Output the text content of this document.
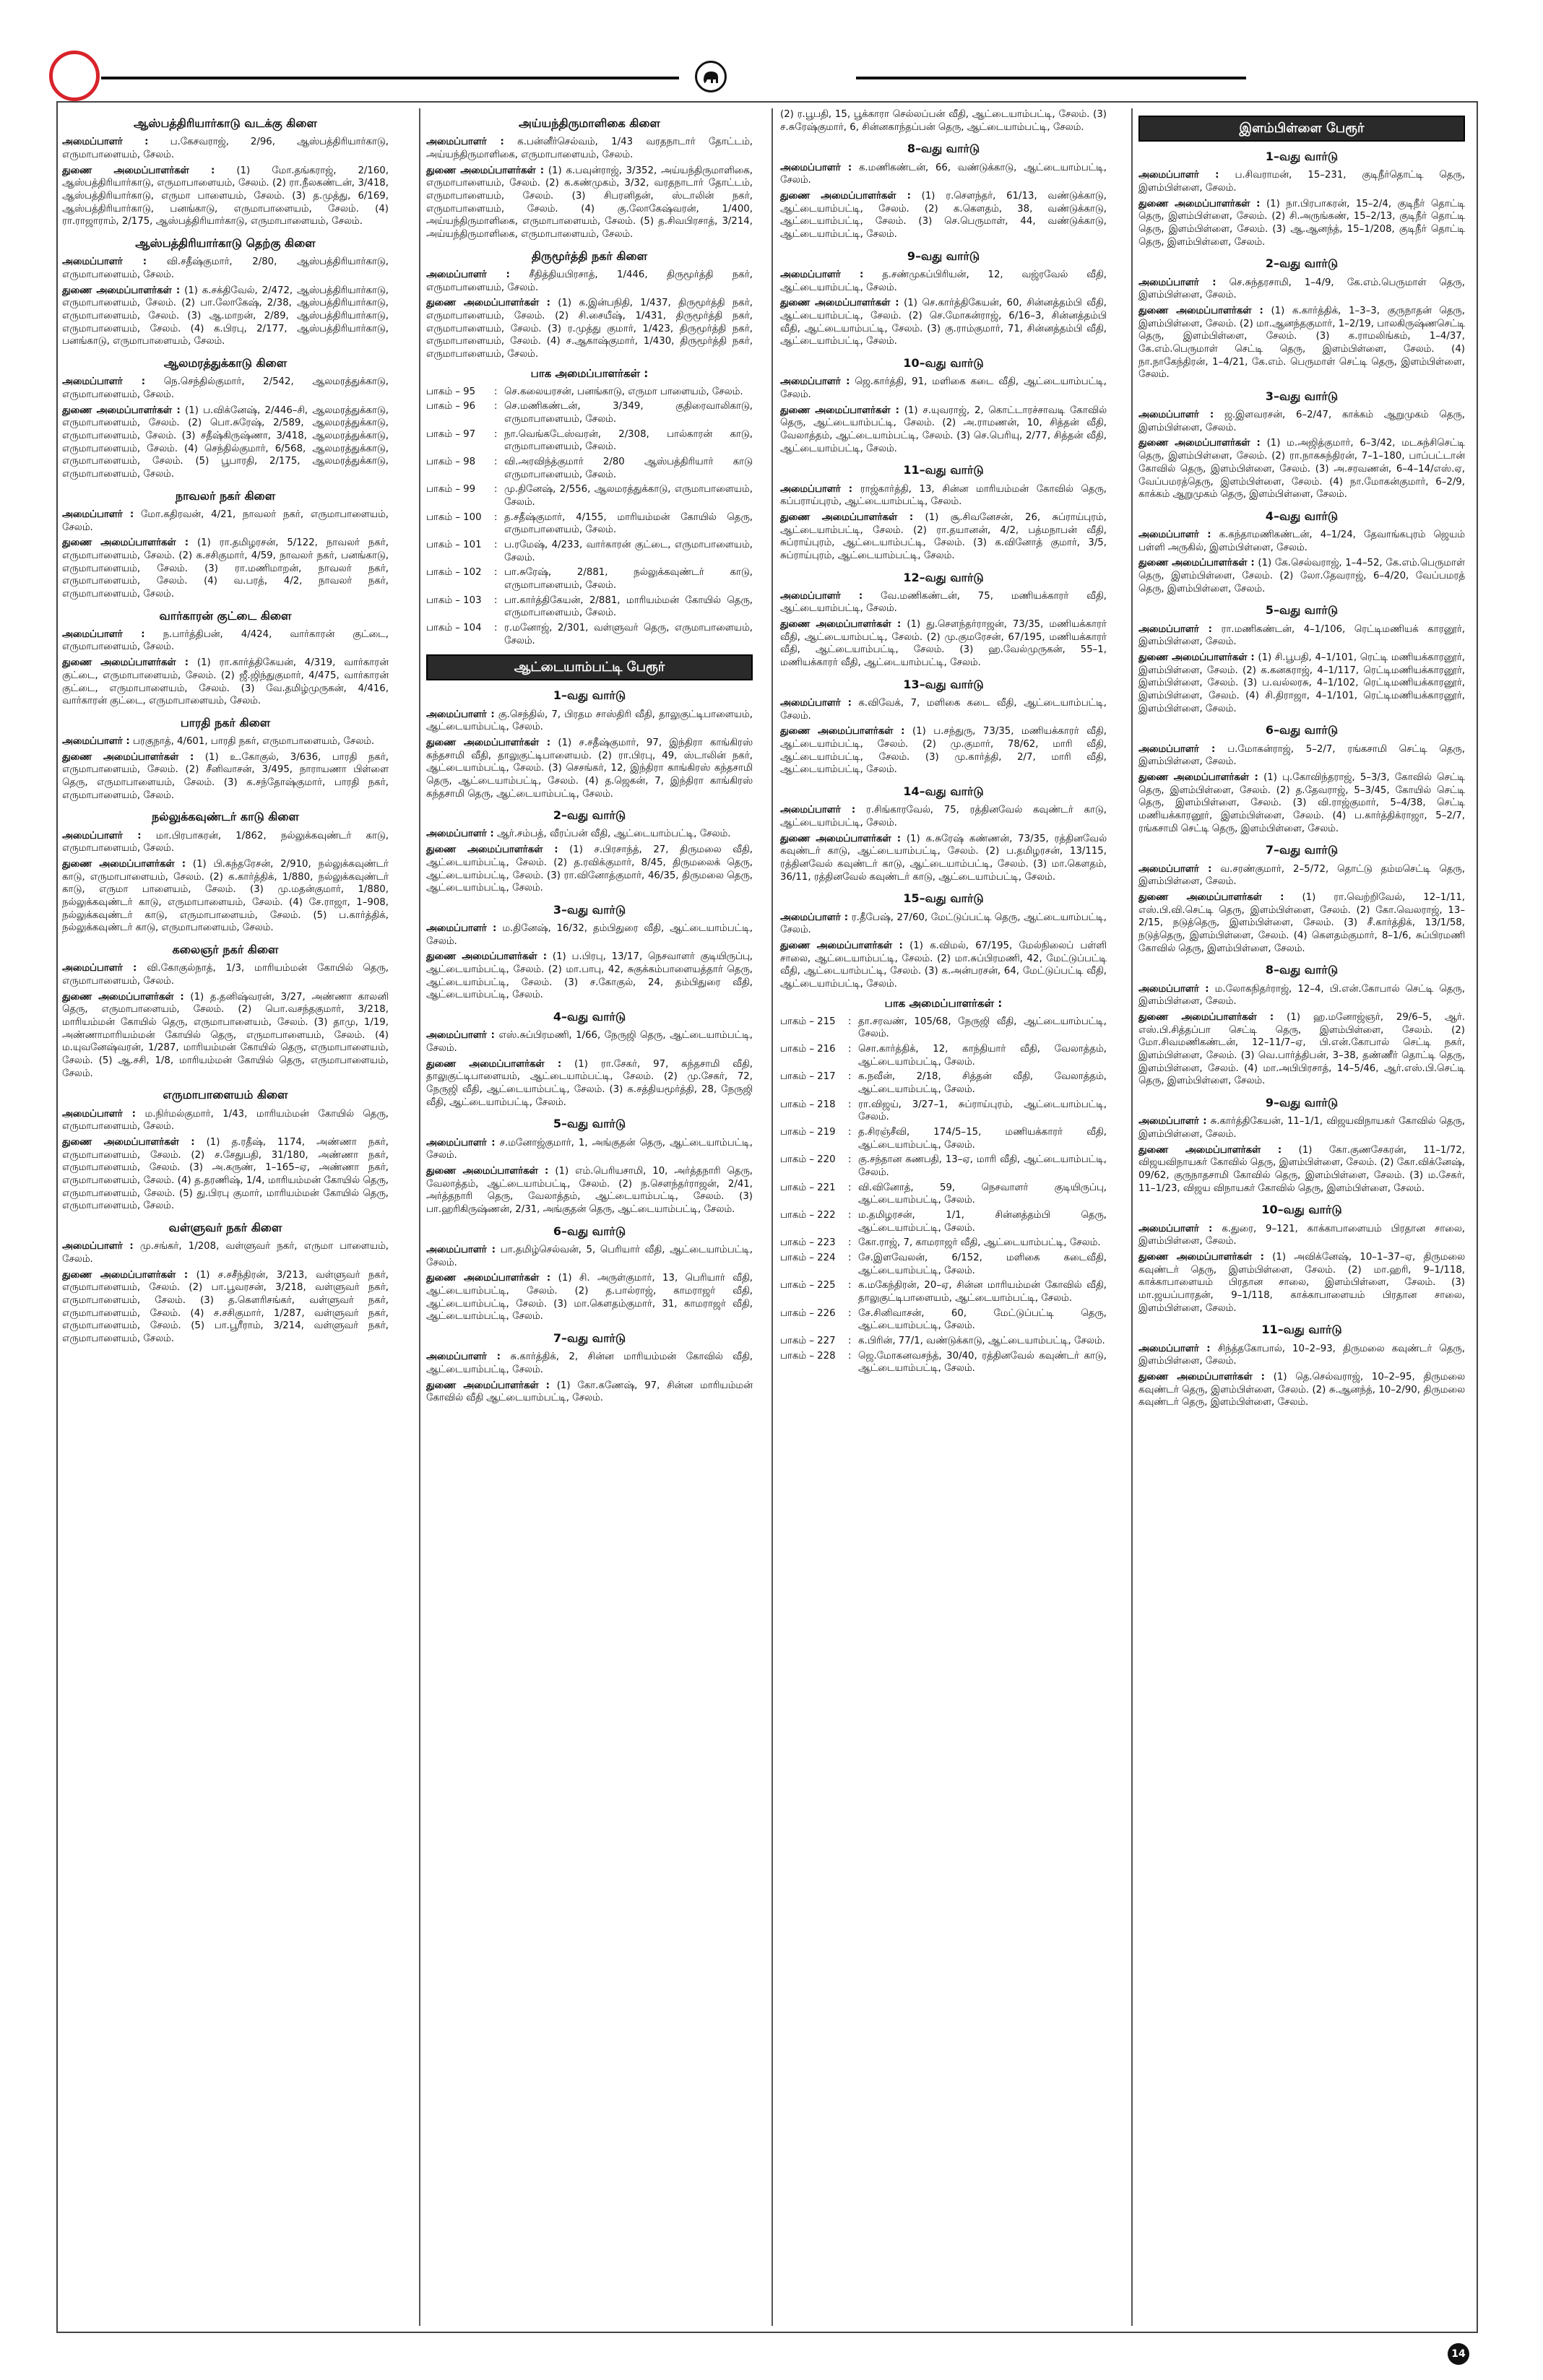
ஆஸ்பத்திரியார்காடு வடக்கு கிளை
அமைப்பாளர் : ப.கேசவராஜ், 2/96, ஆஸ்பத்திரியார்காடு, எருமாபாளையம், சேலம்.
துணை அமைப்பாளர்கள் : (1) மோ.தங்கராஜ், 2/160, ஆஸ்பத்திரியார்காடு, எருமாபாளையம், சேலம். (2) ரா.நீலகண்டன், 3/418, ஆஸ்பத்திரியார்காடு, எருமா பாளையம், சேலம். (3) த.முத்து, 6/169, ஆஸ்பத்திரியார்காடு, பனங்காடு, எருமாபாளையம், சேலம். (4) ரா.ராஜாராம், 2/175, ஆஸ்பத்திரியார்காடு, எருமாபாளையம், சேலம்.
ஆஸ்பத்திரியார்காடு தெற்கு கிளை
அமைப்பாளர் : வி.சதீஷ்குமார், 2/80, ஆஸ்பத்திரியார்காடு, எருமாபாளையம், சேலம்.
துணை அமைப்பாளர்கள் : (1) க.சக்திவேல், 2/472, ஆஸ்பத்திரியார்காடு, எருமாபாளையம், சேலம். (2) பா.லோகேஷ், 2/38, ஆஸ்பத்திரியார்காடு, எருமாபாளையம், சேலம். (3) ஆ.மாறன், 2/89, ஆஸ்பத்திரியார்காடு, எருமாபாளையம், சேலம். (4) க.பிரபு, 2/177, ஆஸ்பத்திரியார்காடு, பனங்காடு, எருமாபாளையம், சேலம்.
ஆலமரத்துக்காடு கிளை
அமைப்பாளர் : நெ.செந்தில்குமார், 2/542, ஆலமரத்துக்காடு, எருமாபாளையம், சேலம்.
துணை அமைப்பாளர்கள் : (1) ப.விக்னேஷ், 2/446–சி, ஆலமரத்துக்காடு, எருமாபாளையம், சேலம். (2) பொ.சுரேஷ், 2/589, ஆலமரத்துக்காடு, எருமாபாளையம், சேலம். (3) சதீஷ்கிருஷ்ணா, 3/418, ஆலமரத்துக்காடு, எருமாபாளையம், சேலம். (4) செந்தில்குமார், 6/568, ஆலமரத்துக்காடு, எருமாபாளையம், சேலம். (5) பூபாரதி, 2/175, ஆலமரத்துக்காடு, எருமாபாளையம், சேலம்.
நாவலர் நகர் கிளை
அமைப்பாளர் : மோ.கதிரவன், 4/21, நாவலர் நகர், எருமாபாளையம், சேலம்.
துணை அமைப்பாளர்கள் : (1) ரா.தமிழரசன், 5/122, நாவலர் நகர், எருமாபாளையம், சேலம். (2) க.சசிகுமார், 4/59, நாவலர் நகர், பனங்காடு, எருமாபாளையம், சேலம். (3) ரா.மணிமாறன், நாவலர் நகர், எருமாபாளையம், சேலம். (4) வ.பரத், 4/2, நாவலர் நகர், எருமாபாளையம், சேலம்.
வார்காரன் குட்டை கிளை
அமைப்பாளர் : ந.பார்த்திபன், 4/424, வார்காரன் குட்டை, எருமாபாளையம், சேலம்.
துணை அமைப்பாளர்கள் : (1) ரா.கார்த்திகேயன், 4/319, வார்காரன் குட்டை, எருமாபாளையம், சேலம். (2) ஜீ.ஜிந்துகுமார், 4/475, வார்காரன் குட்டை, எருமாபாளையம், சேலம். (3) வே.தமிழ்முருகன், 4/416, வார்காரன் குட்டை, எருமாபாளையம், சேலம்.
பாரதி நகர் கிளை
அமைப்பாளர் : பரகுநாத், 4/601, பாரதி நகர், எருமாபாளையம், சேலம்.
துணை அமைப்பாளர்கள் : (1) உ.கோகுல், 3/636, பாரதி நகர், எருமாபாளையம், சேலம். (2) சீனிவாசன், 3/495, நாராயணா பிள்ளை தெரு, எருமாபாளையம், சேலம். (3) க.சந்தோஷ்குமார், பாரதி நகர், எருமாபாளையம், சேலம்.
நல்லுக்கவுண்டர் காடு கிளை
அமைப்பாளர் : மா.பிரபாகரன், 1/862, நல்லுக்கவுண்டர் காடு, எருமாபாளையம், சேலம்.
துணை அமைப்பாளர்கள் : (1) பி.கந்தரேசன், 2/910, நல்லுக்கவுண்டர் காடு, எருமாபாளையம், சேலம். (2) க.கார்த்திக், 1/880, நல்லுக்கவுண்டர் காடு, எருமா பாளையம், சேலம். (3) மு.மதன்குமார், 1/880, நல்லுக்கவுண்டர் காடு, எருமாபாளையம், சேலம். (4) சே.ராஜா, 1–908, நல்லுக்கவுண்டர் காடு, எருமாபாளையம், சேலம். (5) ப.கார்த்திக், நல்லுக்கவுண்டர் காடு, எருமாபாளையம், சேலம்.
கலைஞர் நகர் கிளை
அமைப்பாளர் : வி.கோகுல்நாத், 1/3, மாரியம்மன் கோயில் தெரு, எருமாபாளையம், சேலம்.
துணை அமைப்பாளர்கள் : (1) த.தனிஷ்வரன், 3/27, அண்ணா காலனி தெரு, எருமாபாளையம், சேலம். (2) பொ.வசந்தகுமார், 3/218, மாரியம்மன் கோயில் தெரு, எருமாபாளையம், சேலம். (3) தாமு, 1/19, அண்ணாமாரியம்மன் கோயில் தெரு, எருமாபாளையம், சேலம். (4) ம.யுவனேஷ்வரன், 1/287, மாரியம்மன் கோயில் தெரு, எருமாபாளையம், சேலம். (5) ஆ.சசி, 1/8, மாரியம்மன் கோயில் தெரு, எருமாபாளையம், சேலம்.
எருமாபாளையம் கிளை
அமைப்பாளர் : ம.நிர்மல்குமார், 1/43, மாரியம்மன் கோயில் தெரு, எருமாபாளையம், சேலம்.
துணை அமைப்பாளர்கள் : (1) த.ரதீஷ், 1174, அண்ணா நகர், எருமாபாளையம், சேலம். (2) ச.சேதுபதி, 31/180, அண்ணா நகர், எருமாபாளையம், சேலம். (3) அ.கருண், 1–165–ஏ, அண்ணா நகர், எருமாபாளையம், சேலம். (4) த.தரணிஷ், 1/4, மாரியம்மன் கோயில் தெரு, எருமாபாளையம், சேலம். (5) து.பிரபு குமார், மாரியம்மன் கோயில் தெரு, எருமாபாளையம், சேலம்.
வள்ளுவர் நகர் கிளை
அமைப்பாளர் : மு.சங்கர், 1/208, வள்ளுவர் நகர், எருமா பாளையம், சேலம்.
துணை அமைப்பாளர்கள் : (1) ச.சசீந்திரன், 3/213, வள்ளுவர் நகர், எருமாபாளையம், சேலம். (2) பா.பூவரசன், 3/218, வள்ளுவர் நகர், எருமாபாளையம், சேலம். (3) த.கௌரிசங்கர், வள்ளுவர் நகர், எருமாபாளையம், சேலம். (4) ச.சசிகுமார், 1/287, வள்ளுவர் நகர், எருமாபாளையம், சேலம். (5) பா.பூரீராம், 3/214, வள்ளுவர் நகர், எருமாபாளையம், சேலம்.
அய்யந்திருமாளிகை கிளை
அமைப்பாளர் : க.பன்னீர்செல்வம், 1/43 வரதநாடார் தோட்டம், அய்யந்திருமாளிகை, எருமாபாளையம், சேலம்.
துணை அமைப்பாளர்கள் : (1) க.பவுன்ராஜ், 3/352, அய்யந்திருமாளிகை, எருமாபாளையம், சேலம். (2) க.கண்முகம், 3/32, வரதநாடார் தோட்டம், எருமாபாளையம், சேலம். (3) சிபரனிதன், ஸ்டாலின் நகர், எருமாபாளையம், சேலம். (4) கு.லோகேஷ்வரன், 1/400, அய்யந்திருமாளிகை, எருமாபாளையம், சேலம். (5) த.சிவபிரசாத், 3/214, அய்யந்திருமாளிகை, எருமாபாளையம், சேலம்.
திருமூர்த்தி நகர் கிளை
அமைப்பாளர் : சீதித்தியபிரசாத், 1/446, திருமூர்த்தி நகர், எருமாபாளையம், சேலம்.
துணை அமைப்பாளர்கள் : (1) க.இன்பநிதி, 1/437, திருமூர்த்தி நகர், எருமாபாளையம், சேலம். (2) சி.சையீஷ், 1/431, திருமூர்த்தி நகர், எருமாபாளையம், சேலம். (3) ர.முத்து குமார், 1/423, திருமூர்த்தி நகர், எருமாபாளையம், சேலம். (4) ச.ஆகாஷ்குமார், 1/430, திருமூர்த்தி நகர், எருமாபாளையம், சேலம்.
பாக அமைப்பாளர்கள் :
பாகம் – 95	: செ.கலையரசன், பனங்காடு, எருமா பாளையம், சேலம்.
பாகம் – 96	: செ.மணிகண்டன், 3/349, குதிரைவாலிகாடு, எருமாபாளையம், சேலம்.
பாகம் – 97	: நா.வெங்கடேஸ்வரன், 2/308, பால்காரன் காடு, எருமாபாளையம், சேலம்.
பாகம் – 98	: வி.அரவிந்த்குமார் 2/80 ஆஸ்பத்திரியார் காடு எருமாபாளையம், சேலம்.
பாகம் – 99	: மு.தினேஷ், 2/556, ஆலமரத்துக்காடு, எருமாபாளையம், சேலம்.
பாகம் – 100	: த.சதீஷ்குமார், 4/155, மாரியம்மன் கோயில் தெரு, எருமாபாளையம், சேலம்.
பாகம் – 101	: ப.ரமேஷ், 4/233, வார்காரன் குட்டை, எருமாபாளையம், சேலம்.
பாகம் – 102	: பா.சுரேஷ், 2/881, நல்லுக்கவுண்டர் காடு, எருமாபாளையம், சேலம்.
பாகம் – 103	: பா.கார்த்திகேயன், 2/881, மாரியம்மன் கோயில் தெரு, எருமாபாளையம், சேலம்.
பாகம் – 104	: ர.மனோஜ், 2/301, வள்ளுவர் தெரு, எருமாபாளையம், சேலம்.
ஆட்டையாம்பட்டி பேரூர்
1–வது வார்டு
அமைப்பாளர் : கு.செந்தில், 7, பிரதம சாஸ்திரி வீதி, தாலுகுட்டிபாளையம், ஆட்டையாம்பட்டி, சேலம்.
துணை அமைப்பாளர்கள் : (1) ச.சதீஷ்குமார், 97, இந்திரா காங்கிரஸ் கந்தசாமி வீதி, தாலுகுட்டிபாளையம். (2) ரா.பிரபு, 49, ஸ்டாலின் நகர், ஆட்டையாம்பட்டி, சேலம். (3) செசங்கர், 12, இந்திரா காங்கிரஸ் கந்தசாமி தெரு, ஆட்டையாம்பட்டி, சேலம். (4) த.ஜெகன், 7, இந்திரா காங்கிரஸ் கந்தசாமி தெரு, ஆட்டையாம்பட்டி, சேலம்.
2–வது வார்டு
அமைப்பாளர் : ஆர்.சம்பத், வீரப்பன் வீதி, ஆட்டையாம்பட்டி, சேலம்.
துணை அமைப்பாளர்கள் : (1) ச.பிரசாந்த், 27, திருமலை வீதி, ஆட்டையாம்பட்டி, சேலம். (2) த.ரவிக்குமார், 8/45, திருமலைக் தெரு, ஆட்டையாம்பட்டி, சேலம். (3) ரா.வினோத்குமார், 46/35, திருமலை தெரு, ஆட்டையாம்பட்டி, சேலம்.
3–வது வார்டு
அமைப்பாளர் : ம.தினேஷ், 16/32, தம்பிதுரை வீதி, ஆட்டையாம்பட்டி, சேலம்.
துணை அமைப்பாளர்கள் : (1) ப.பிரபு, 13/17, நெசவாளர் குடியிருப்பு, ஆட்டையாம்பட்டி, சேலம். (2) மா.பாபு, 42, சுகுக்கம்பாளையத்தார் தெரு, ஆட்டையாம்பட்டி, சேலம். (3) ச.கோகுல், 24, தம்பிதுரை வீதி, ஆட்டையாம்பட்டி, சேலம்.
4–வது வார்டு
அமைப்பாளர் : எஸ்.சுப்பிரமணி, 1/66, நேருஜி தெரு, ஆட்டையாம்பட்டி, சேலம்.
துணை அமைப்பாளர்கள் : (1) ரா.சேகர், 97, கந்தசாமி வீதி, தாலுகுட்டிபாளையம், ஆட்டையாம்பட்டி, சேலம். (2) மு.சேகர், 72, நேருஜி வீதி, ஆட்டையாம்பட்டி, சேலம். (3) க.சத்தியமூர்த்தி, 28, நேருஜி வீதி, ஆட்டையாம்பட்டி, சேலம்.
5–வது வார்டு
அமைப்பாளர் : ச.மனோஜ்குமார், 1, அங்குதன் தெரு, ஆட்டையாம்பட்டி, சேலம்.
துணை அமைப்பாளர்கள் : (1) எம்.பெரியசாமி, 10, அர்த்தநாரி தெரு, வேலாத்தம், ஆட்டையாம்பட்டி, சேலம். (2) ந.செளந்தர்ராஜன், 2/41, அர்த்தநாரி தெரு, வேலாத்தம், ஆட்டையாம்பட்டி, சேலம். (3) பா.ஹரிகிருஷ்ணன், 2/31, அங்குதன் தெரு, ஆட்டையாம்பட்டி, சேலம்.
6–வது வார்டு
அமைப்பாளர் : பா.தமிழ்செல்வன், 5, பெரியார் வீதி, ஆட்டையாம்பட்டி, சேலம்.
துணை அமைப்பாளர்கள் : (1) சி. அருள்குமார், 13, பெரியார் வீதி, ஆட்டையாம்பட்டி, சேலம். (2) த.பால்ராஜ், காமராஜர் வீதி, ஆட்டையாம்பட்டி, சேலம். (3) மா.கௌதம்குமார், 31, காமராஜர் வீதி, ஆட்டையாம்பட்டி, சேலம்.
7–வது வார்டு
அமைப்பாளர் : சு.கார்த்திக், 2, சின்ன மாரியம்மன் கோவில் வீதி, ஆட்டையாம்பட்டி, சேலம்.
துணை அமைப்பாளர்கள் : (1) கோ.கணேஷ், 97, சின்ன மாரியம்மன் கோவில் வீதி ஆட்டையாம்பட்டி, சேலம்.
(2) ர.பூபதி, 15, பூக்காரா செல்லப்பன் வீதி, ஆட்டையாம்பட்டி, சேலம். (3) ச.சுரேஷ்குமார், 6, சின்னகாந்தப்பன் தெரு, ஆட்டையாம்பட்டி, சேலம்.
8–வது வார்டு
அமைப்பாளர் : க.மணிகண்டன், 66, வண்டுக்காடு, ஆட்டையாம்பட்டி, சேலம்.
துணை அமைப்பாளர்கள் : (1) ர.செளந்தர், 61/13, வண்டுக்காடு, ஆட்டையாம்பட்டி, சேலம். (2) க.கௌதம், 38, வண்டுக்காடு, ஆட்டையாம்பட்டி, சேலம். (3) செ.பெருமாள், 44, வண்டுக்காடு, ஆட்டையாம்பட்டி, சேலம்.
9–வது வார்டு
அமைப்பாளர் : த.சண்முகப்பிரியன், 12, வஜ்ரவேல் வீதி, ஆட்டையாம்பட்டி, சேலம்.
துணை அமைப்பாளர்கள் : (1) செ.கார்த்திகேயன், 60, சின்னத்தம்பி வீதி, ஆட்டையாம்பட்டி, சேலம். (2) செ.மோகன்ராஜ், 6/16–3, சின்னத்தம்பி வீதி, ஆட்டையாம்பட்டி, சேலம். (3) கு.ராம்குமார், 71, சின்னத்தம்பி வீதி, ஆட்டையாம்பட்டி, சேலம்.
10–வது வார்டு
அமைப்பாளர் : ஜெ.கார்த்தி, 91, மளிகை கடை வீதி, ஆட்டையாம்பட்டி, சேலம்.
துணை அமைப்பாளர்கள் : (1) ச.யுவராஜ், 2, கொட்டாரச்சாவடி கோவில் தெரு, ஆட்டையாம்பட்டி, சேலம். (2) அ.ராமணன், 10, சித்தன் வீதி, வேலாத்தம், ஆட்டையாம்பட்டி, சேலம். (3) செ.பெரியு, 2/77, சித்தன் வீதி, ஆட்டையாம்பட்டி, சேலம்.
11–வது வார்டு
அமைப்பாளர் : ராஜ்கார்த்தி, 13, சின்ன மாரியம்மன் கோவில் தெரு, கப்பராய்புரம், ஆட்டையாம்பட்டி, சேலம்.
துணை அமைப்பாளர்கள் : (1) சூ.சிவனேசன், 26, சுப்ராய்புரம், ஆட்டையாம்பட்டி, சேலம். (2) ரா.தயானன், 4/2, பத்மநாபன் வீதி, சுப்ராய்புரம், ஆட்டையாம்பட்டி, சேலம். (3) க.வினோத் குமார், 3/5, சுப்ராய்புரம், ஆட்டையாம்பட்டி, சேலம்.
12–வது வார்டு
அமைப்பாளர் : வே.மணிகண்டன், 75, மணியக்காரர் வீதி, ஆட்டையாம்பட்டி, சேலம்.
துணை அமைப்பாளர்கள் : (1) து.சௌந்தர்ராஜன், 73/35, மணியக்காரர் வீதி, ஆட்டையாம்பட்டி, சேலம். (2) மு.குமரேசன், 67/195, மணியக்காரர் வீதி, ஆட்டையாம்பட்டி, சேலம். (3) ஹ.வேல்முருகன், 55–1, மணியக்காரர் வீதி, ஆட்டையாம்பட்டி, சேலம்.
13–வது வார்டு
அமைப்பாளர் : க.விவேக், 7, மளிகை கடை வீதி, ஆட்டையாம்பட்டி, சேலம்.
துணை அமைப்பாளர்கள் : (1) ப.சந்துரு, 73/35, மணியக்காரர் வீதி, ஆட்டையாம்பட்டி, சேலம். (2) மு.குமார், 78/62, மாரி வீதி, ஆட்டையாம்பட்டி, சேலம். (3) மு.கார்த்தி, 2/7, மாரி வீதி, ஆட்டையாம்பட்டி, சேலம்.
14–வது வார்டு
அமைப்பாளர் : ர.சிங்காரவேல், 75, ரத்தினவேல் கவுண்டர் காடு, ஆட்டையாம்பட்டி, சேலம்.
துணை அமைப்பாளர்கள் : (1) க.சுரேஷ் கண்ணன், 73/35, ரத்தினவேல் கவுண்டர் காடு, ஆட்டையாம்பட்டி, சேலம். (2) ப.தமிழரசன், 13/115, ரத்தினவேல் கவுண்டர் காடு, ஆட்டையாம்பட்டி, சேலம். (3) மா.கௌதம், 36/11, ரத்தினவேல் கவுண்டர் காடு, ஆட்டையாம்பட்டி, சேலம்.
15–வது வார்டு
அமைப்பாளர் : ர.தீபேஷ், 27/60, மேட்டுப்பட்டி தெரு, ஆட்டையாம்பட்டி, சேலம்.
துணை அமைப்பாளர்கள் : (1) க.விமல், 67/195, மேல்நிலைப் பள்ளி சாலை, ஆட்டையாம்பட்டி, சேலம். (2) மா.சுப்பிரமணி, 42, மேட்டுப்பட்டி வீதி, ஆட்டையாம்பட்டி, சேலம். (3) க.அன்பரசன், 64, மேட்டுப்பட்டி வீதி, ஆட்டையாம்பட்டி, சேலம்.
பாக அமைப்பாளர்கள் :
பாகம் – 215	: தா.சரவண், 105/68, நேருஜி வீதி, ஆட்டையாம்பட்டி, சேலம்.
பாகம் – 216	: சொ.கார்த்திக், 12, காந்தியார் வீதி, வேலாத்தம், ஆட்டையாம்பட்டி, சேலம்.
பாகம் – 217	: க.நவீன், 2/18, சித்தன் வீதி, வேலாத்தம், ஆட்டையாம்பட்டி, சேலம்.
பாகம் – 218	: ரா.விஜய், 3/27–1, சுப்ராய்புரம், ஆட்டையாம்பட்டி, சேலம்.
பாகம் – 219	: த.சிரஞ்சீவி, 174/5–15, மணியக்காரர் வீதி, ஆட்டையாம்பட்டி, சேலம்.
பாகம் – 220	: கு.சந்தான கணபதி, 13–ஏ, மாரி வீதி, ஆட்டையாம்பட்டி, சேலம்.
பாகம் – 221	: வி.வினோத், 59, நெசவாளர் குடியிருப்பு, ஆட்டையாம்பட்டி, சேலம்.
பாகம் – 222	: ம.தமிழரசன், 1/1, சின்னத்தம்பி தெரு, ஆட்டையாம்பட்டி, சேலம்.
பாகம் – 223	: கோ.ராஜ், 7, காமராஜர் வீதி, ஆட்டையாம்பட்டி, சேலம்.
பாகம் – 224	: சே.இளவேலன், 6/152, மளிகை கடைவீதி, ஆட்டையாம்பட்டி, சேலம்.
பாகம் – 225	: க.மகேந்திரன், 20–ஏ, சின்ன மாரியம்மன் கோவில் வீதி, தாலுகுட்டிபாளையம், ஆட்டையாம்பட்டி, சேலம்.
பாகம் – 226	: சே.சினிவாசன், 60, மேட்டுப்பட்டி தெரு, ஆட்டையாம்பட்டி, சேலம்.
பாகம் – 227	: க.பிரின், 77/1, வண்டுக்காடு, ஆட்டையாம்பட்டி, சேலம்.
பாகம் – 228	: ஜெ.மோகனவசந்த், 30/40, ரத்தினவேல் கவுண்டர் காடு, ஆட்டையாம்பட்டி, சேலம்.
இளம்பிள்ளை பேரூர்
1–வது வார்டு
அமைப்பாளர் : ப.சிவராமன், 15–231, குடிநீர்தொட்டி தெரு, இளம்பிள்ளை, சேலம்.
துணை அமைப்பாளர்கள் : (1) நா.பிரபாகரன், 15–2/4, குடிநீர் தொட்டி தெரு, இளம்பிள்ளை, சேலம். (2) சி.அருங்கண், 15–2/13, குடிநீர் தொட்டி தெரு, இளம்பிள்ளை, சேலம். (3) ஆ.ஆனந்த், 15–1/208, குடிநீர் தொட்டி தெரு, இளம்பிள்ளை, சேலம்.
2–வது வார்டு
அமைப்பாளர் : செ.சுந்தரசாமி, 1–4/9, கே.எம்.பெருமாள் தெரு, இளம்பிள்ளை, சேலம்.
துணை அமைப்பாளர்கள் : (1) க.கார்த்திக், 1–3–3, குருநாதன் தெரு, இளம்பிள்ளை, சேலம். (2) மா.ஆனந்தகுமார், 1–2/19, பாலகிருஷ்ணசெட்டி தெரு, இளம்பிள்ளை, சேலம். (3) க.ராமலிங்கம், 1–4/37, கே.எம்.பெருமாள் செட்டி தெரு, இளம்பிள்ளை, சேலம். (4) நா.நாகேந்திரன், 1–4/21, கே.எம். பெருமாள் செட்டி தெரு, இளம்பிள்ளை, சேலம்.
3–வது வார்டு
அமைப்பாளர் : ஜ.இளவரசன், 6–2/47, காக்கம் ஆறுமுகம் தெரு, இளம்பிள்ளை, சேலம்.
துணை அமைப்பாளர்கள் : (1) ம.அஜித்குமார், 6–3/42, மடசுந்சிசெட்டி தெரு, இளம்பிள்ளை, சேலம். (2) ரா.நாகசுந்திரன், 7–1–180, பாப்பட்டான் கோவில் தெரு, இளம்பிள்ளை, சேலம். (3) அ.சரவணன், 6–4–14/எஸ்.ஏ, வேப்பமரத்தெரு, இளம்பிள்ளை, சேலம். (4) நா.மோகன்குமார், 6–2/9, காக்கம் ஆறுமுகம் தெரு, இளம்பிள்ளை, சேலம்.
4–வது வார்டு
அமைப்பாளர் : க.கந்தாமணிகண்டன், 4–1/24, தேவாங்கபுரம் ஜெயம் பள்ளி அருகில், இளம்பிள்ளை, சேலம்.
துணை அமைப்பாளர்கள் : (1) கே.செல்வராஜ், 1–4–52, கே.எம்.பெருமாள் தெரு, இளம்பிள்ளை, சேலம். (2) லோ.தேவராஜ், 6–4/20, வேப்பமரத் தெரு, இளம்பிள்ளை, சேலம்.
5–வது வார்டு
அமைப்பாளர் : ரா.மணிகண்டன், 4–1/106, ரெட்டிமணியக் காரனூர், இளம்பிள்ளை, சேலம்.
துணை அமைப்பாளர்கள் : (1) சி.பூபதி, 4–1/101, ரெட்டி மணியக்காரனூர், இளம்பிள்ளை, சேலம். (2) க.கனகராஜ், 4–1/117, ரெட்டிமணியக்காரனூர், இளம்பிள்ளை, சேலம். (3) ப.வல்லரசு, 4–1/102, ரெட்டிமணியக்காரனூர், இளம்பிள்ளை, சேலம். (4) சி.திராஜா, 4–1/101, ரெட்டிமணியக்காரனூர், இளம்பிள்ளை, சேலம்.
6–வது வார்டு
அமைப்பாளர் : ப.மோகன்ராஜ், 5–2/7, ரங்கசாமி செட்டி தெரு, இளம்பிள்ளை, சேலம்.
துணை அமைப்பாளர்கள் : (1) பு.கோவிந்தராஜ், 5–3/3, கோவில் செட்டி தெரு, இளம்பிள்ளை, சேலம். (2) த.தேவராஜ், 5–3/45, கோயில் செட்டி தெரு, இளம்பிள்ளை, சேலம். (3) வி.ராஜ்குமார், 5–4/38, செட்டி மணியக்காரனூர், இளம்பிள்ளை, சேலம். (4) ப.கார்த்திக்ராஜா, 5–2/7, ரங்கசாமி செட்டி தெரு, இளம்பிள்ளை, சேலம்.
7–வது வார்டு
அமைப்பாளர் : வ.சரண்குமார், 2–5/72, தொட்டு தம்மசெட்டி தெரு, இளம்பிள்ளை, சேலம்.
துணை அமைப்பாளர்கள் : (1) ரா.வெற்றிவேல், 12–1/11, எஸ்.பி.வி.செட்டி தெரு, இளம்பிள்ளை, சேலம். (2) கோ.வெலராஜ், 13–2/15, நடுத்தெரு, இளம்பிள்ளை, சேலம். (3) சீ.கார்த்திக், 13/1/58, நடுத்தெரு, இளம்பிள்ளை, சேலம். (4) கௌதம்குமார், 8–1/6, சுப்பிரமணி கோவில் தெரு, இளம்பிள்ளை, சேலம்.
8–வது வார்டு
அமைப்பாளர் : ம.லோகநிதர்ராஜ், 12–4, பி.என்.கோபால் செட்டி தெரு, இளம்பிள்ளை, சேலம்.
துணை அமைப்பாளர்கள் : (1) ஹ.மனோஜ்ஞர், 29/6–5, ஆர். எஸ்.பி.சித்தப்பா செட்டி தெரு, இளம்பிள்ளை, சேலம். (2) மோ.சிவமணிகண்டன், 12–11/7–ஏ, பி.என்.கோபால் செட்டி நகர், இளம்பிள்ளை, சேலம். (3) வெ.பார்த்திபன், 3–38, தண்ணீர் தொட்டி தெரு, இளம்பிள்ளை, சேலம். (4) மா.அபிபிரசாத், 14–5/46, ஆர்.எஸ்.பி.செட்டி தெரு, இளம்பிள்ளை, சேலம்.
9–வது வார்டு
அமைப்பாளர் : சு.கார்த்திகேயன், 11–1/1, விஜயவிநாயகர் கோவில் தெரு, இளம்பிள்ளை, சேலம்.
துணை அமைப்பாளர்கள் : (1) கோ.குணசேகரன், 11–1/72, விஜயவிநாயகர் கோவில் தெரு, இளம்பிள்ளை, சேலம். (2) கோ.விக்னேஷ், 09/62, குருநாதசாமி கோவில் தெரு, இளம்பிள்ளை, சேலம். (3) ம.சேகர், 11–1/23, விஜய விநாயகர் கோவில் தெரு, இளம்பிள்ளை, சேலம்.
10–வது வார்டு
அமைப்பாளர் : க.துரை, 9–121, காக்காபாளையம் பிரதான சாலை, இளம்பிள்ளை, சேலம்.
துணை அமைப்பாளர்கள் : (1) அவிக்னேஷ், 10–1–37–ஏ, திருமலை கவுண்டர் தெரு, இளம்பிள்ளை, சேலம். (2) மா.ஹரி, 9–1/118, காக்காபாளையம் பிரதான சாலை, இளம்பிள்ளை, சேலம். (3) மா.ஜயப்பாரதன், 9–1/118, காக்காபாளையம் பிரதான சாலை, இளம்பிள்ளை, சேலம்.
11–வது வார்டு
அமைப்பாளர் : சிந்த்தகோபால், 10–2–93, திருமலை கவுண்டர் தெரு, இளம்பிள்ளை, சேலம்.
துணை அமைப்பாளர்கள் : (1) தெ.செல்வராஜ், 10–2–95, திருமலை கவுண்டர் தெரு, இளம்பிள்ளை, சேலம். (2) சு.ஆனந்த், 10–2/90, திருமலை கவுண்டர் தெரு, இளம்பிள்ளை, சேலம்.
14
